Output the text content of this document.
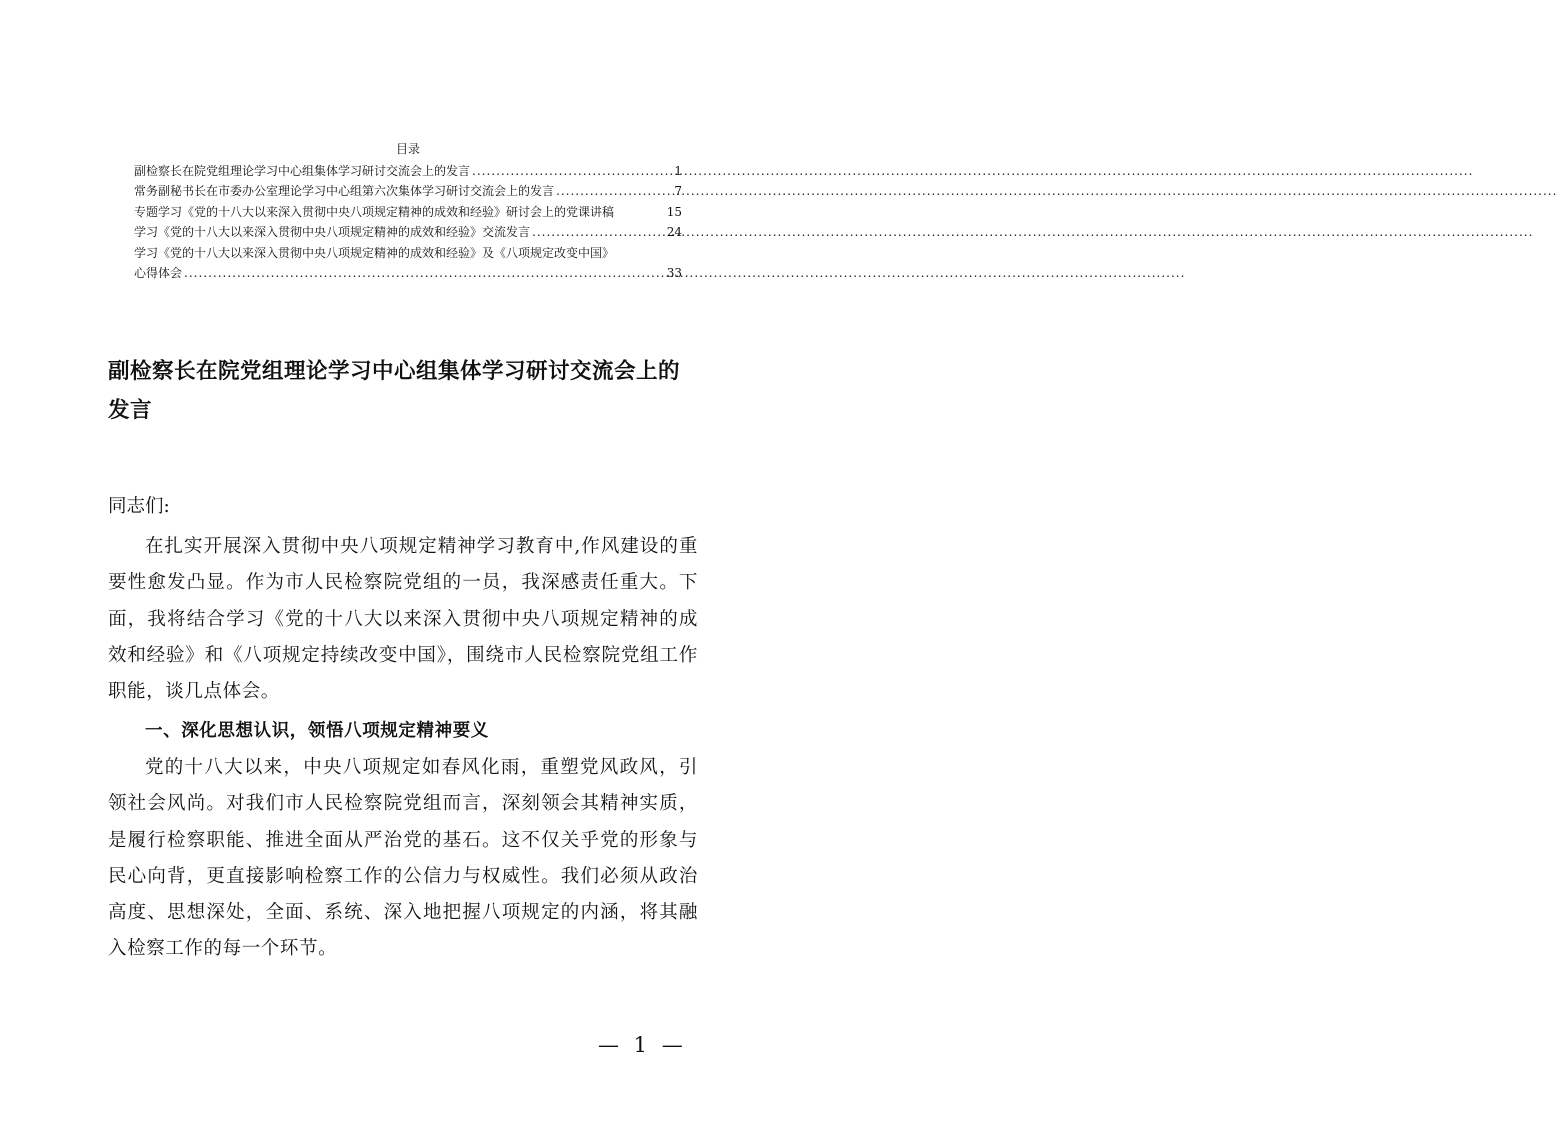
目录
副检察长在院党组理论学习中心组集体学习研讨交流会上的发言 .....	1
常务副秘书长在市委办公室理论学习中心组第六次集体学习研讨交流会上的发言 .....	7
专题学习《党的十八大以来深入贯彻中央八项规定精神的成效和经验》研讨会上的党课讲稿	15
学习《党的十八大以来深入贯彻中央八项规定精神的成效和经验》交流发言 .....	24
学习《党的十八大以来深入贯彻中央八项规定精神的成效和经验》及《八项规定改变中国》
心得体会 .....	33
副检察长在院党组理论学习中心组集体学习研讨交流会上的发言
同志们:
在扎实开展深入贯彻中央八项规定精神学习教育中,作风建设的重要性愈发凸显。作为市人民检察院党组的一员，我深感责任重大。下面，我将结合学习《党的十八大以来深入贯彻中央八项规定精神的成效和经验》和《八项规定持续改变中国》，围绕市人民检察院党组工作职能，谈几点体会。
一、深化思想认识，领悟八项规定精神要义
党的十八大以来，中央八项规定如春风化雨，重塑党风政风，引领社会风尚。对我们市人民检察院党组而言，深刻领会其精神实质，是履行检察职能、推进全面从严治党的基石。这不仅关乎党的形象与民心向背，更直接影响检察工作的公信力与权威性。我们必须从政治高度、思想深处，全面、系统、深入地把握八项规定的内涵，将其融入检察工作的每一个环节。
— 1 —
